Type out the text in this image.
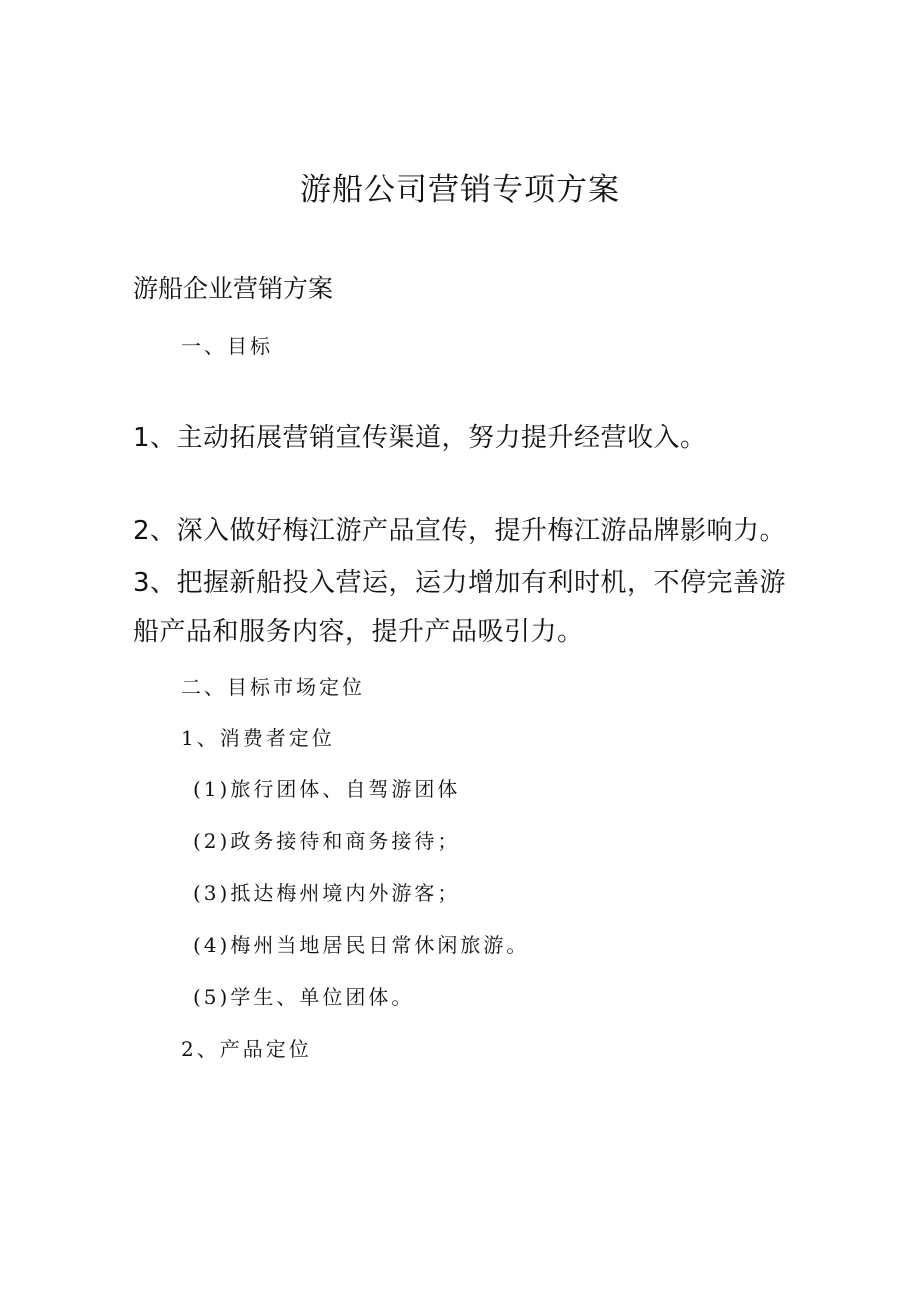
游船公司营销专项方案
游船企业营销方案
一、目标
1、主动拓展营销宣传渠道，努力提升经营收入。
2、深入做好梅江游产品宣传，提升梅江游品牌影响力。
3、把握新船投入营运，运力增加有利时机，不停完善游
船产品和服务内容，提升产品吸引力。
二、目标市场定位
1、消费者定位
(1)旅行团体、自驾游团体
(2)政务接待和商务接待；
(3)抵达梅州境内外游客；
(4)梅州当地居民日常休闲旅游。
(5)学生、单位团体。
2、产品定位
